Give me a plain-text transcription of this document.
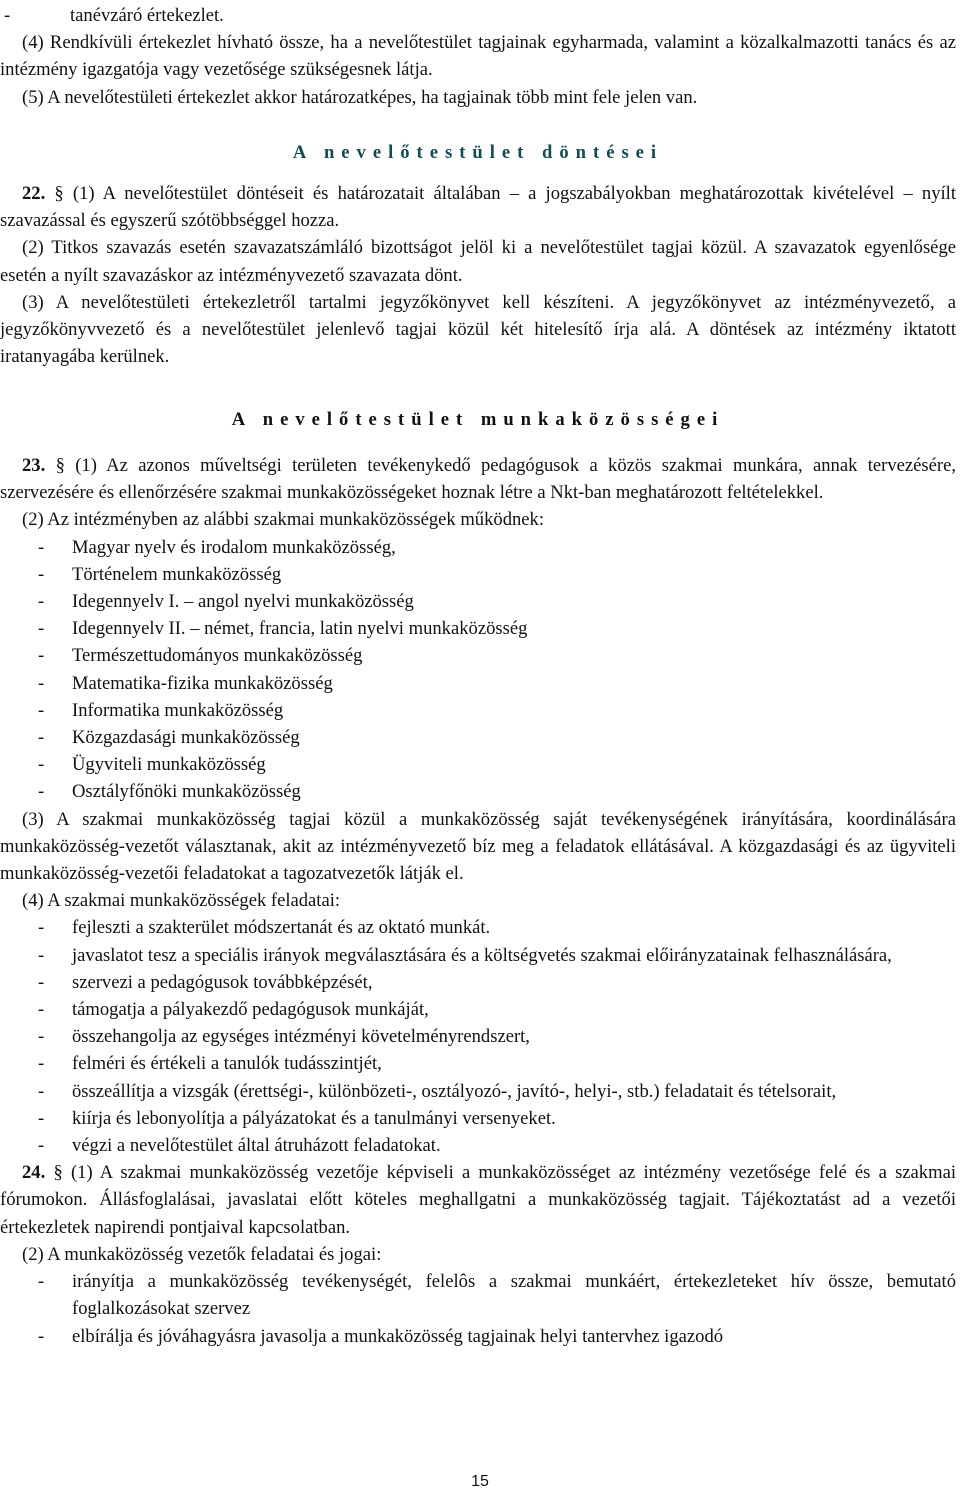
-	tanévzáró értekezlet.

(4) Rendkívüli értekezlet hívható össze, ha a nevelőtestület tagjainak egyharmada, valamint a közalkalmazotti tanács és az intézmény igazgatója vagy vezetősége szükségesnek látja.

(5) A nevelőtestületi értekezlet akkor határozatképes, ha tagjainak több mint fele jelen van.

A nevelőtestület döntései

22. § (1) A nevelőtestület döntéseit és határozatait általában – a jogszabályokban meghatározottak kivételével – nyílt szavazással és egyszerű szótöbbséggel hozza.

(2) Titkos szavazás esetén szavazatszámláló bizottságot jelöl ki a nevelőtestület tagjai közül. A szavazatok egyenlősége esetén a nyílt szavazáskor az intézményvezető szavazata dönt.

(3) A nevelőtestületi értekezletről tartalmi jegyzőkönyvet kell készíteni. A jegyzőkönyvet az intézményvezető, a jegyzőkönyvvezető és a nevelőtestület jelenlevő tagjai közül két hitelesítő írja alá. A döntések az intézmény iktatott iratanyagába kerülnek.

A nevelőtestület munkaközösségei

23. § (1) Az azonos műveltségi területen tevékenykedő pedagógusok a közös szakmai munkára, annak tervezésére, szervezésére és ellenőrzésére szakmai munkaközösségeket hoznak létre a Nkt-ban meghatározott feltételekkel.

(2) Az intézményben az alábbi szakmai munkaközösségek működnek:

- Magyar nyelv és irodalom munkaközösség,

- Történelem munkaközösség

- Idegennyelv I. – angol nyelvi munkaközösség

- Idegennyelv II. – német, francia, latin nyelvi munkaközösség

- Természettudományos munkaközösség

- Matematika-fizika munkaközösség

- Informatika munkaközösség

- Közgazdasági munkaközösség

- Ügyviteli munkaközösség

- Osztályfőnöki munkaközösség

(3) A szakmai munkaközösség tagjai közül a munkaközösség saját tevékenységének irányítására, koordinálására munkaközösség-vezetőt választanak, akit az intézményvezető bíz meg a feladatok ellátásával. A közgazdasági és az ügyviteli munkaközösség-vezetői feladatokat a tagozatvezetők látják el.

(4) A szakmai munkaközösségek feladatai:

- fejleszti a szakterület módszertanát és az oktató munkát.

- javaslatot tesz a speciális irányok megválasztására és a költségvetés szakmai előirányzatainak felhasználására,

- szervezi a pedagógusok továbbképzését,

- támogatja a pályakezdő pedagógusok munkáját,

- összehangolja az egységes intézményi követelményrendszert,

- felméri és értékeli a tanulók tudásszintjét,

- összeállítja a vizsgák (érettségi-, különbözeti-, osztályozó-, javító-, helyi-, stb.) feladatait és tételsorait,

- kiírja és lebonyolítja a pályázatokat és a tanulmányi versenyeket.

- végzi a nevelőtestület által átruházott feladatokat.

24. § (1) A szakmai munkaközösség vezetője képviseli a munkaközösséget az intézmény vezetősége felé és a szakmai fórumokon. Állásfoglalásai, javaslatai előtt köteles meghallgatni a munkaközösség tagjait. Tájékoztatást ad a vezetői értekezletek napirendi pontjaival kapcsolatban.

(2) A munkaközösség vezetők feladatai és jogai:

- irányítja a munkaközösség tevékenységét, felelôs a szakmai munkáért, értekezleteket hív össze, bemutató foglalkozásokat szervez

- elbírálja és jóváhagyásra javasolja a munkaközösség tagjainak helyi tantervhez igazodó

15
